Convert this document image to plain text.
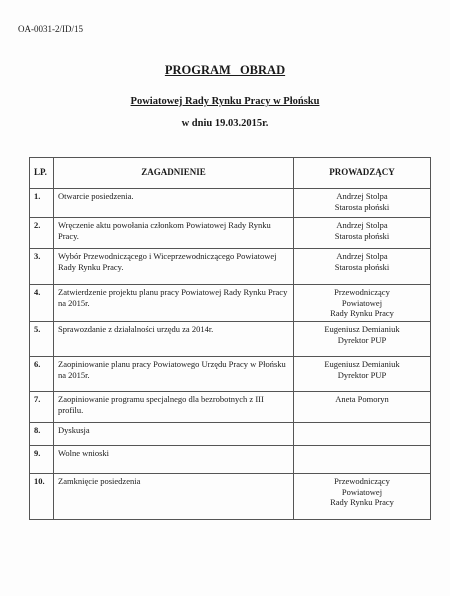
OA-0031-2/ID/15
PROGRAM OBRAD
Powiatowej Rady Rynku Pracy w Płońsku
w dniu 19.03.2015r.
LP.	ZAGADNIENIE	PROWADZĄCY
1.	Otwarcie posiedzenia.	Andrzej Stolpa
Starosta płoński

2.	Wręczenie aktu powołania członkom Powiatowej Rady Rynku Pracy.	Andrzej Stolpa
Starosta płoński

3.	Wybór Przewodniczącego i Wiceprzewodniczącego Powiatowej Rady Rynku Pracy.	Andrzej Stolpa
Starosta płoński

4.	Zatwierdzenie projektu planu pracy Powiatowej Rady Rynku Pracy na 2015r.	Przewodniczący
Powiatowej
Rady Rynku Pracy

5.	Sprawozdanie z działalności urzędu za 2014r.	Eugeniusz Demianiuk
Dyrektor PUP

6.	Zaopiniowanie planu pracy Powiatowego Urzędu Pracy w Płońsku na 2015r.	Eugeniusz Demianiuk
Dyrektor PUP

7.	Zaopiniowanie programu specjalnego dla bezrobotnych z III profilu.	Aneta Pomoryn

8.	Dyskusja	
9.	Wolne wnioski	
10.	Zamknięcie posiedzenia	Przewodniczący
Powiatowej
Rady Rynku Pracy
